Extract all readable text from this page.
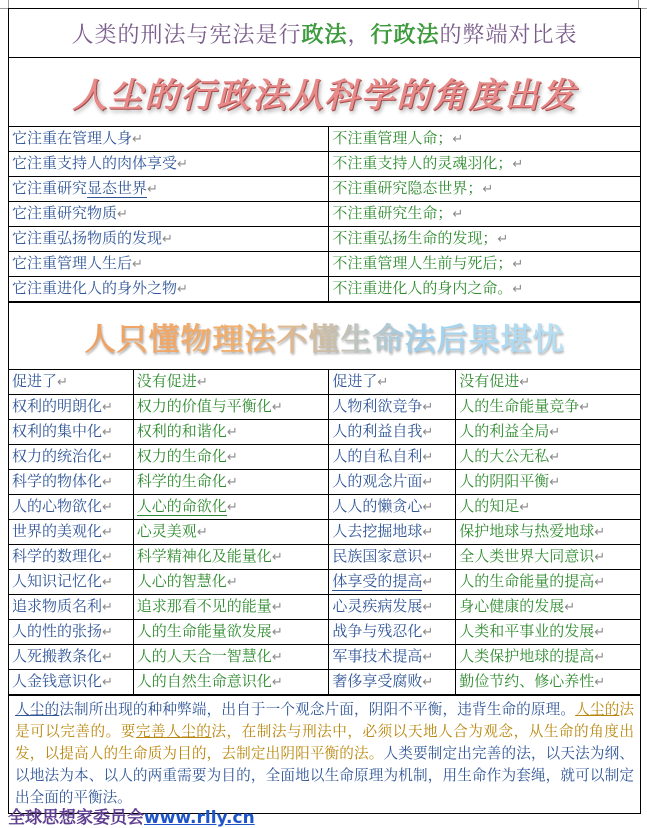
人类的刑法与宪法是行 政法 ， 行政法 的弊端对比表
人尘的行政法从科学的角度出发
它注重在管理人身↵	不注重管理人命；↵
它注重支持人的肉体享受↵	不注重支持人的灵魂羽化；↵
它注重研究显态世界↵	不注重研究隐态世界；↵
它注重研究物质↵	不注重研究生命；↵
它注重弘扬物质的发现↵	不注重弘扬生命的发现；↵
它注重管理人生后↵	不注重管理人生前与死后；↵
它注重进化人的身外之物↵	不注重进化人的身内之命。↵
人只懂物理法不懂生命法后果堪忧
促进了↵	没有促进↵	促进了↵	没有促进↵
权利的明朗化↵	权力的价值与平衡化↵	人物利欲竞争↵	人的生命能量竞争↵
权利的集中化↵	权利的和谐化↵	人的利益自我↵	人的利益全局↵
权力的统治化↵	权力的生命化↵	人的自私自利↵	人的大公无私↵
科学的物体化↵	科学的生命化↵	人的观念片面↵	人的阴阳平衡↵
人的心物欲化↵	人心的命欲化↵	人人的懒贪心↵	人的知足↵
世界的美观化↵	心灵美观↵	人去挖掘地球↵	保护地球与热爱地球↵
科学的数理化↵	科学精神化及能量化↵	民族国家意识↵	全人类世界大同意识↵
人知识记忆化↵	人心的智慧化↵	体享受的提高↵	人的生命能量的提高↵
追求物质名利↵	追求那看不见的能量↵	心灵疾病发展↵	身心健康的发展↵
人的性的张扬↵	人的生命能量欲发展↵	战争与残忍化↵	人类和平事业的发展↵
人死搬教条化↵	人的人天合一智慧化↵	军事技术提高↵	人类保护地球的提高↵
人金钱意识化↵	人的自然生命意识化↵	奢侈享受腐败↵	勤俭节约、修心养性↵
人尘的法制所出现的种种弊端，出自于一个观念片面，阴阳不平衡，违背生命的原理。人尘的法是可以完善的。要完善人尘的法，在制法与刑法中，必须以天地人合为观念，从生命的角度出发，以提高人的生命质为目的，去制定出阴阳平衡的法。人类要制定出完善的法，以天法为纲、以地法为本、以人的两重需要为目的，全面地以生命原理为机制，用生命作为套绳，就可以制定出全面的平衡法。
全球思想家委员会www.rlly.cn
